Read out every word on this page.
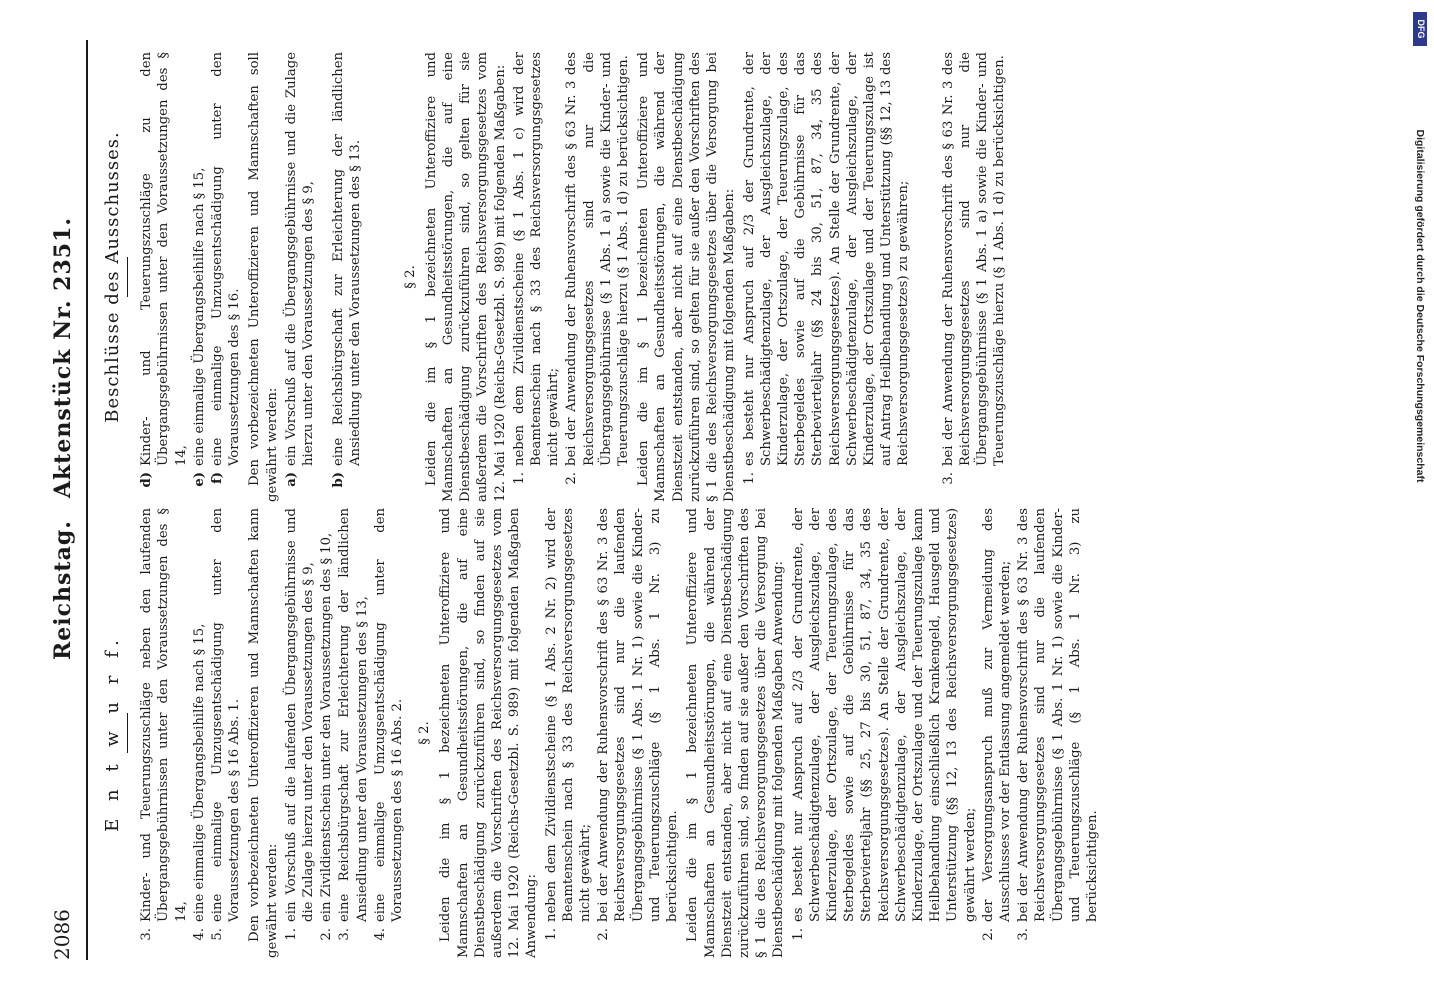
2086
Reichstag.Aktenstück Nr. 2351.
E n t w u r f.
3.
Kinder- und Teuerungszuschläge neben den laufenden Übergangsgebührnissen unter den Voraussetzungen des § 14,
4.
eine einmalige Übergangsbeihilfe nach § 15,
5.
eine einmalige Umzugsentschädigung unter den Voraussetzungen des § 16 Abs. 1. Den vorbezeichneten Unteroffizieren und Mannschaften kann gewährt werden: 1.
ein Vorschuß auf die laufenden Übergangsgebührnisse und die Zulage hierzu unter den Voraussetzungen des § 9,
2.
ein Zivildienstschein unter den Voraussetzungen des § 10,
3.
eine Reichsbürgschaft zur Erleichterung der ländlichen Ansiedlung unter den Voraussetzungen des § 13,
4.
eine einmalige Umzugsentschädigung unter den Voraussetzungen des § 16 Abs. 2. § 2. Leiden die im § 1 bezeichneten Unteroffiziere und Mannschaften an Gesundheitsstörungen, die auf eine Dienstbeschädigung zurückzuführen sind, so finden auf sie außerdem die Vorschriften des Reichsversorgungsgesetzes vom 12. Mai 1920 (Reichs-Gesetzbl. S. 989) mit folgenden Maßgaben Anwendung: 1.
neben dem Zivildienstscheine (§ 1 Abs. 2 Nr. 2) wird der Beamtenschein nach § 33 des Reichsversorgungsgesetzes nicht gewährt;
2.
bei der Anwendung der Ruhensvorschrift des § 63 Nr. 3 des Reichsversorgungsgesetzes sind nur die laufenden Übergangsgebührnisse (§ 1 Abs. 1 Nr. 1) sowie die Kinder- und Teuerungszuschläge (§ 1 Abs. 1 Nr. 3) zu berücksichtigen. Leiden die im § 1 bezeichneten Unteroffiziere und Mannschaften an Gesundheitsstörungen, die während der Dienstzeit entstanden, aber nicht auf eine Dienstbeschädigung zurückzuführen sind, so finden auf sie außer den Vorschriften des § 1 die des Reichsversorgungsgesetzes über die Versorgung bei Dienstbeschädigung mit folgenden Maßgaben Anwendung: 1.
es besteht nur Anspruch auf 2/3 der Grundrente, der Schwerbeschädigtenzulage, der Ausgleichszulage, der Kinderzulage, der Ortszulage, der Teuerungszulage, des Sterbegeldes sowie auf die Gebührnisse für das Sterbevierteljahr (§§ 25, 27 bis 30, 51, 87, 34, 35 des Reichsversorgungsgesetzes). An Stelle der Grundrente, der Schwerbeschädigtenzulage, der Ausgleichszulage, der Kinderzulage, der Ortszulage und der Teuerungszulage kann Heilbehandlung einschließlich Krankengeld, Hausgeld und Unterstützung (§§ 12, 13 des Reichsversorgungsgesetzes) gewährt werden;
2.
der Versorgungsanspruch muß zur Vermeidung des Ausschlusses vor der Entlassung angemeldet werden;
3.
bei der Anwendung der Ruhensvorschrift des § 63 Nr. 3 des Reichsversorgungsgesetzes sind nur die laufenden Übergangsgebührnisse (§ 1 Abs. 1 Nr. 1) sowie die Kinder- und Teuerungszuschläge (§ 1 Abs. 1 Nr. 3) zu berücksichtigen.
Beschlüsse des Ausschusses.
d)
Kinder- und Teuerungszuschläge zu den Übergangsgebührnissen unter den Voraussetzungen des § 14,
e)
eine einmalige Übergangsbeihilfe nach § 15,
f)
eine einmalige Umzugsentschädigung unter den Voraussetzungen des § 16. Den vorbezeichneten Unteroffizieren und Mannschaften soll gewährt werden: a)
ein Vorschuß auf die Übergangsgebührnisse und die Zulage hierzu unter den Voraussetzungen des § 9,
b)
eine Reichsbürgschaft zur Erleichterung der ländlichen Ansiedlung unter den Voraussetzungen des § 13.	§ 2. Leiden die im § 1 bezeichneten Unteroffiziere und Mannschaften an Gesundheitsstörungen, die auf eine Dienstbeschädigung zurückzuführen sind, so gelten für sie außerdem die Vorschriften des Reichsversorgungsgesetzes vom 12. Mai 1920 (Reichs-Gesetzbl. S. 989) mit folgenden Maßgaben: 1.
neben dem Zivildienstscheine (§ 1 Abs. 1 c) wird der Beamtenschein nach § 33 des Reichsversorgungsgesetzes nicht gewährt;
2.
bei der Anwendung der Ruhensvorschrift des § 63 Nr. 3 des Reichsversorgungsgesetzes sind nur die Übergangsgebührnisse (§ 1 Abs. 1 a) sowie die Kinder- und Teuerungszuschläge hierzu (§ 1 Abs. 1 d) zu berücksichtigen. Leiden die im § 1 bezeichneten Unteroffiziere und Mannschaften an Gesundheitsstörungen, die während der Dienstzeit entstanden, aber nicht auf eine Dienstbeschädigung zurückzuführen sind, so gelten für sie außer den Vorschriften des § 1 die des Reichsversorgungsgesetzes über die Versorgung bei Dienstbeschädigung mit folgenden Maßgaben: 1.
es besteht nur Anspruch auf 2/3 der Grundrente, der Schwerbeschädigtenzulage, der Ausgleichszulage, der Kinderzulage, der Ortszulage, der Teuerungszulage, des Sterbegeldes sowie auf die Gebührnisse für das Sterbevierteljahr (§§ 24 bis 30, 51, 87, 34, 35 des Reichsversorgungsgesetzes). An Stelle der Grundrente, der Schwerbeschädigtenzulage, der Ausgleichszulage, der Kinderzulage, der Ortszulage und der Teuerungszulage ist auf Antrag Heilbehandlung und Unterstützung (§§ 12, 13 des Reichsversorgungsgesetzes) zu gewähren;
3.
bei der Anwendung der Ruhensvorschrift des § 63 Nr. 3 des Reichsversorgungsgesetzes sind nur die Übergangsgebührnisse (§ 1 Abs. 1 a) sowie die Kinder- und Teuerungszuschläge hierzu (§ 1 Abs. 1 d) zu berücksichtigen.
DFG
Digitalisierung gefördert durch die Deutsche Forschungsgemeinschaft
